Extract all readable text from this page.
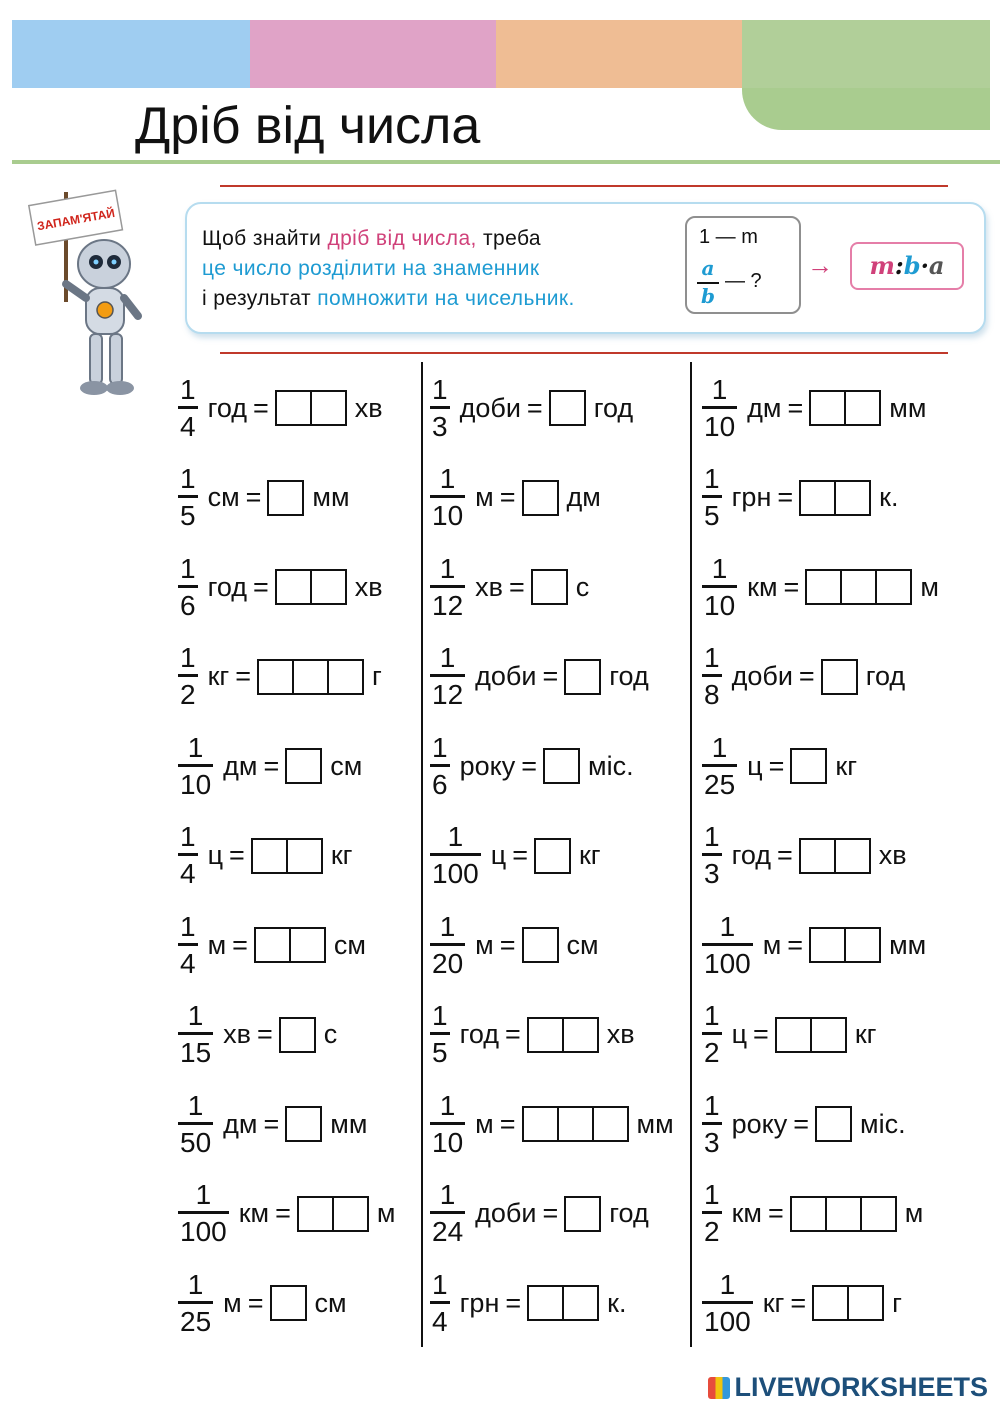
Дріб від числа
ЗАПАМ'ЯТАЙ
Щоб знайти дріб від числа, треба
це число розділити на знаменник
і результат помножити на чисельник.
1 — m
a
b
— ?
→	m:b·a
$\frac{1}{4}$ год =	хв
$\frac{1}{5}$ см = мм
$\frac{1}{6}$ год =	хв
$\frac{1}{2}$ кг =	г
$\frac{1}{10}$ дм = см
$\frac{1}{4}$ ц =	кг
$\frac{1}{4}$ м =	см
$\frac{1}{15}$ хв = с
$\frac{1}{50}$ дм = мм
$\frac{1}{100}$ км =	м
$\frac{1}{25}$ м = см
$\frac{1}{3}$ доби = год
$\frac{1}{10}$ м = дм
$\frac{1}{12}$ хв = с
$\frac{1}{12}$ доби = год
$\frac{1}{6}$ року = міс.
$\frac{1}{100}$ ц = кг
$\frac{1}{20}$ м = см
$\frac{1}{5}$ год =	хв
$\frac{1}{10}$ м =	мм
$\frac{1}{24}$ доби = год
$\frac{1}{4}$ грн =	к.
$\frac{1}{10}$ дм =	мм
$\frac{1}{5}$ грн =	к.
$\frac{1}{10}$ км =	м
$\frac{1}{8}$ доби = год
$\frac{1}{25}$ ц = кг
$\frac{1}{3}$ год =	хв
$\frac{1}{100}$ м =	мм
$\frac{1}{2}$ ц =	кг
$\frac{1}{3}$ року = міс.
$\frac{1}{2}$ км =	м
$\frac{1}{100}$ кг =	г
LIVEWORKSHEETS
